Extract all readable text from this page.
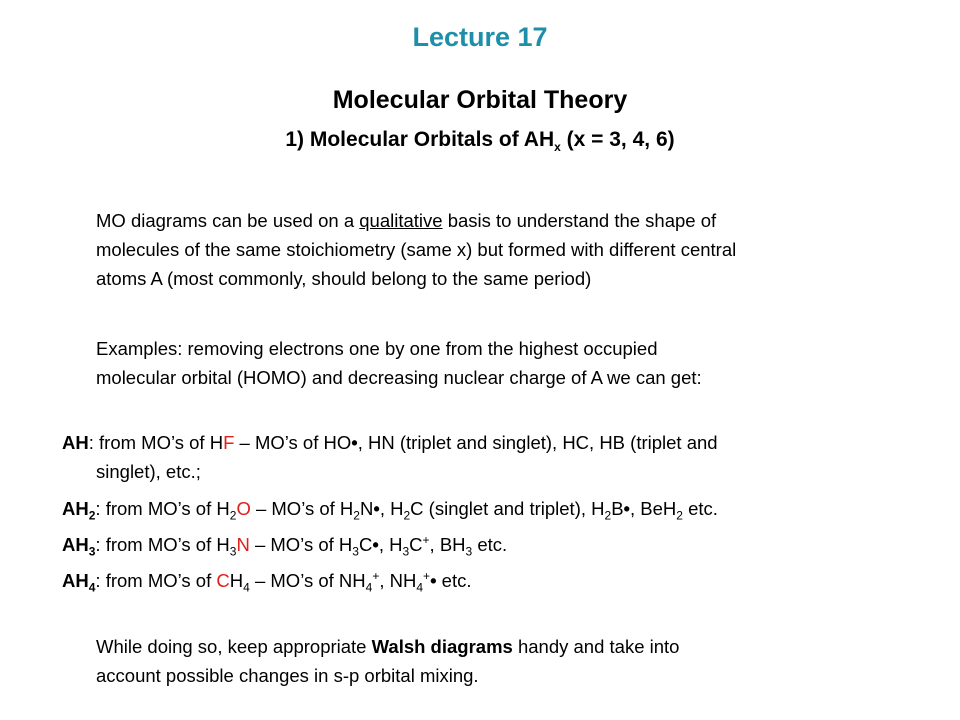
Lecture 17
Molecular Orbital Theory
1) Molecular Orbitals of $AH_x$ (x = 3, 4, 6)
MO diagrams can be used on a qualitative basis to understand the shape of
molecules of the same stoichiometry (same x) but formed with different central
atoms A (most commonly, should belong to the same period)
Examples: removing electrons one by one from the highest occupied
molecular orbital (HOMO) and decreasing nuclear charge of A we can get:
AH: from MO’s of HF – MO’s of HO•, HN (triplet and singlet), HC, HB (triplet and
singlet), etc.;
$AH_2$: from MO’s of $H_2O$ – MO’s of $H_2N•$, $H_2C$ (singlet and triplet), $H_2B•$, BeH$_2$ etc.
$AH_3$: from MO’s of $H_3N$ – MO’s of $H_3C•$, $H_3C^+$, $BH_3$ etc.
$AH_4$: from MO’s of $CH_4$ – MO’s of $NH_4^+$, $NH_4^+•$ etc.
While doing so, keep appropriate Walsh diagrams handy and take into
account possible changes in s-p orbital mixing.
